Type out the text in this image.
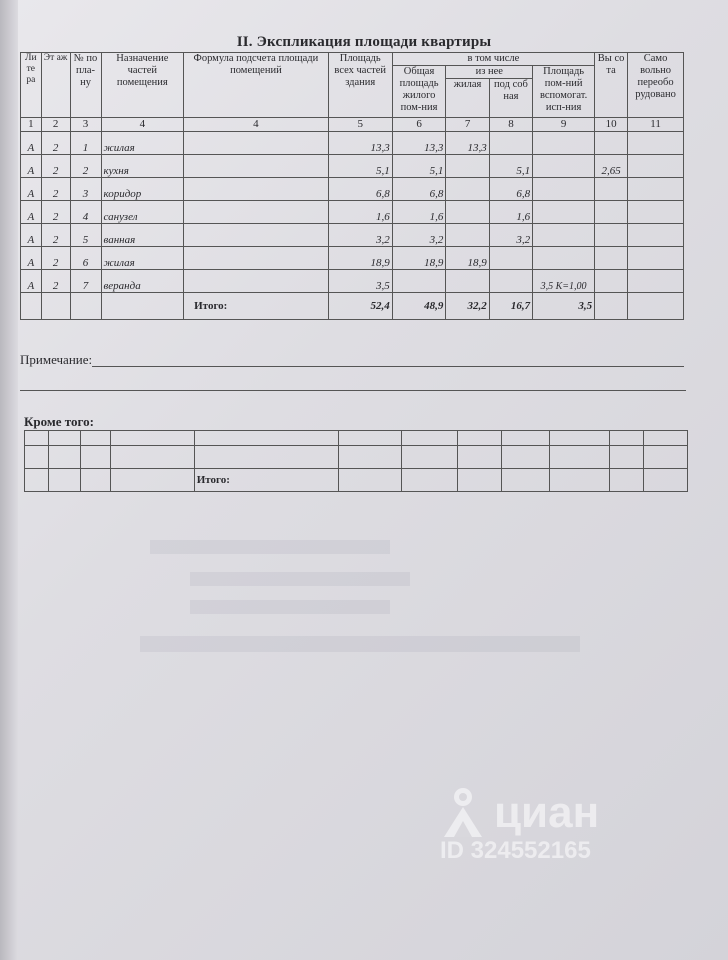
II. Экспликация площади квартиры
Ли те ра	Эт аж	№ по пла- ну	Назначение частей помещения	Формула подсчета площади помещений	Площадь всех частей здания	в том числе				Вы со та	Само вольно перeобо рудовано
						Общая площадь жилого пом-ния	из нее		Площадь пом-ний вспомогат. исп-ния		
							жилая	под соб ная			
1	2	3	4	4	5	6	7	8	9	10	11
А	2	1	жилая		13,3	13,3	13,3				
А	2	2	кухня		5,1	5,1		5,1		2,65	
А	2	3	коридор		6,8	6,8		6,8			
А	2	4	санузел		1,6	1,6		1,6			
А	2	5	ванная		3,2	3,2		3,2			
А	2	6	жилая		18,9	18,9	18,9				
А	2	7	веранда		3,5				3,5 K=1,00		
				Итого:	52,4	48,9	32,2	16,7	3,5		
Примечание:
Кроме того:

				Итого:							
циан
ID 324552165
